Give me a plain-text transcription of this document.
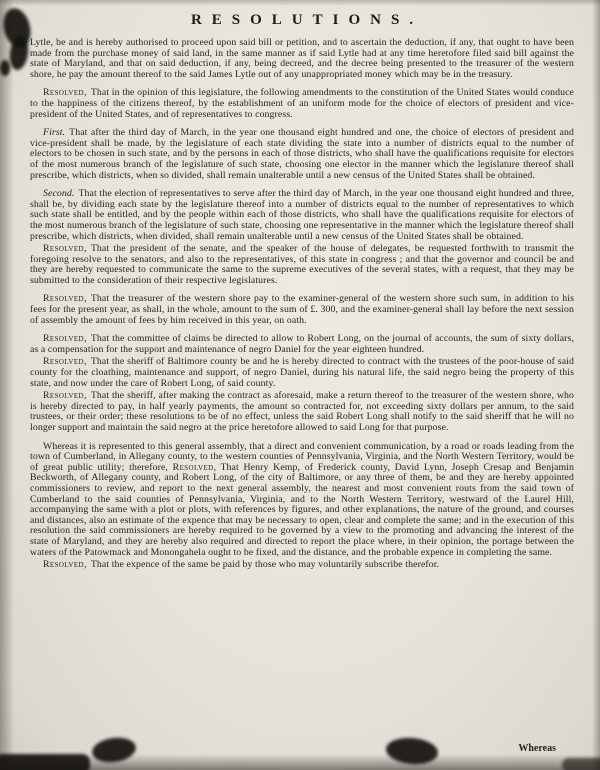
RESOLUTIONS.

Lytle, be and is hereby authorised to proceed upon said bill or petition, and to ascertain the deduction, if any, that ought to have been made from the purchase money of said land, in the same manner as if said Lytle had at any time heretofore filed said bill against the state of Maryland, and that on said deduction, if any, being decreed, and the decree being presented to the treasurer of the western shore, he pay the amount thereof to the said James Lytle out of any unappropriated money which may be in the treasury.

Resolved, That in the opinion of this legislature, the following amendments to the constitution of the United States would conduce to the happiness of the citizens thereof, by the establishment of an uniform mode for the choice of electors of president and vice-president of the United States, and of representatives to congress.

First. That after the third day of March, in the year one thousand eight hundred and one, the choice of electors of president and vice-president shall be made, by the legislature of each state dividing the state into a number of districts equal to the number of electors to be chosen in such state, and by the persons in each of those districts, who shall have the qualifications requisite for electors of the most numerous branch of the legislature of such state, choosing one elector in the manner which the legislature thereof shall prescribe, which districts, when so divided, shall remain unalterable until a new census of the United States shall be obtained.

Second. That the election of representatives to serve after the third day of March, in the year one thousand eight hundred and three, shall be, by dividing each state by the legislature thereof into a number of districts equal to the number of representatives to which such state shall be entitled, and by the people within each of those districts, who shall have the qualifications requisite for electors of the most numerous branch of the legislature of such state, choosing one representative in the manner which the legislature thereof shall prescribe, which districts, when divided, shall remain unalterable until a new census of the United States shall be obtained.

Resolved, That the president of the senate, and the speaker of the house of delegates, be requested forthwith to transmit the foregoing resolve to the senators, and also to the representatives, of this state in congress ; and that the governor and council be and they are hereby requested to communicate the same to the supreme executives of the several states, with a request, that they may be submitted to the consideration of their respective legislatures.

Resolved, That the treasurer of the western shore pay to the examiner-general of the western shore such sum, in addition to his fees for the present year, as shall, in the whole, amount to the sum of £. 300, and the examiner-general shall lay before the next session of assembly the amount of fees by him received in this year, on oath.

Resolved, That the committee of claims be directed to allow to Robert Long, on the journal of accounts, the sum of sixty dollars, as a compensation for the support and maintenance of negro Daniel for the year eighteen hundred.

Resolved, That the sheriff of Baltimore county be and he is hereby directed to contract with the trustees of the poor-house of said county for the cloathing, maintenance and support, of negro Daniel, during his natural life, the said negro being the property of this state, and now under the care of Robert Long, of said county.

Resolved, That the sheriff, after making the contract as aforesaid, make a return thereof to the treasurer of the western shore, who is hereby directed to pay, in half yearly payments, the amount so contracted for, not exceeding sixty dollars per annum, to the said trustees, or their order; these resolutions to be of no effect, unless the said Robert Long shall notify to the said sheriff that he will no longer support and maintain the said negro at the price heretofore allowed to said Long for that purpose.

Whereas it is represented to this general assembly, that a direct and convenient communication, by a road or roads leading from the town of Cumberland, in Allegany county, to the western counties of Pennsylvania, Virginia, and the North Western Territory, would be of great public utility; therefore, Resolved, That Henry Kemp, of Frederick county, David Lynn, Joseph Cresap and Benjamin Beckworth, of Allegany county, and Robert Long, of the city of Baltimore, or any three of them, be and they are hereby appointed commissioners to review, and report to the next general assembly, the nearest and most convenient routs from the said town of Cumberland to the said counties of Pennsylvania, Virginia, and to the North Western Territory, westward of the Laurel Hill, accompanying the same with a plot or plots, with references by figures, and other explanations, the nature of the ground, and courses and distances, also an estimate of the expence that may be necessary to open, clear and complete the same; and in the execution of this resolution the said commissioners are hereby required to be governed by a view to the promoting and advancing the interest of the state of Maryland, and they are hereby also required and directed to report the place where, in their opinion, the portage between the waters of the Patowmack and Monongahela ought to be fixed, and the distance, and the probable expence in completing the same.

Resolved, That the expence of the same be paid by those who may voluntarily subscribe therefor.

Whereas
